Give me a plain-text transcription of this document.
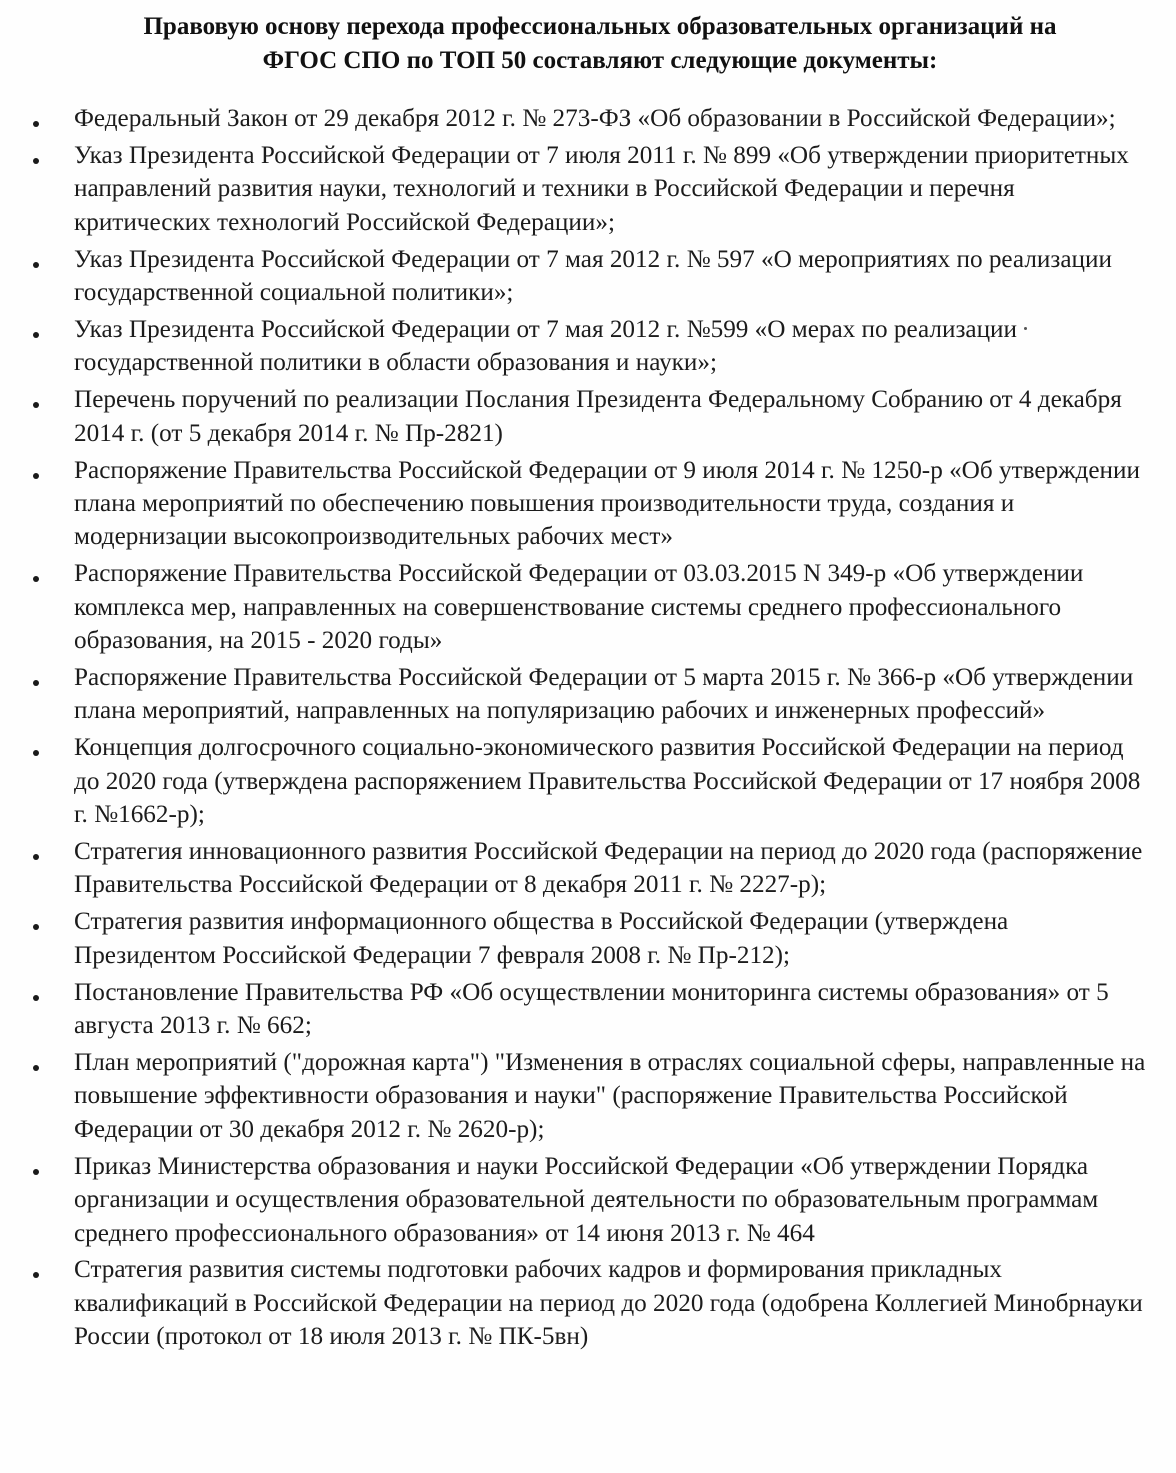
Правовую основу перехода профессиональных образовательных организаций на
ФГОС СПО по ТОП 50 составляют следующие документы:
Федеральный Закон от 29 декабря 2012 г. № 273-ФЗ «Об образовании в Российской Федерации»;
Указ Президента Российской Федерации от 7 июля 2011 г. № 899 «Об утверждении приоритетных направлений развития науки, технологий и техники в Российской Федерации и перечня критических технологий Российской Федерации»;
Указ Президента Российской Федерации от 7 мая 2012 г. № 597 «О мероприятиях по реализации государственной социальной политики»;
Указ Президента Российской Федерации от 7 мая 2012 г. №599 «О мерах по реализации государственной политики в области образования и науки»;
Перечень поручений по реализации Послания Президента Федеральному Собранию от 4 декабря 2014 г. (от 5 декабря 2014 г. № Пр-2821)
Распоряжение Правительства Российской Федерации от 9 июля 2014 г. № 1250-р «Об утверждении плана мероприятий по обеспечению повышения производительности труда, создания и модернизации высокопроизводительных рабочих мест»
Распоряжение Правительства Российской Федерации от 03.03.2015 N 349-р «Об утверждении комплекса мер, направленных на совершенствование системы среднего профессионального образования, на 2015 - 2020 годы»
Распоряжение Правительства Российской Федерации от 5 марта 2015 г. № 366-р «Об утверждении плана мероприятий, направленных на популяризацию рабочих и инженерных профессий»
Концепция долгосрочного социально-экономического развития Российской Федерации на период до 2020 года (утверждена распоряжением Правительства Российской Федерации от 17 ноября 2008 г. №1662-р);
Стратегия инновационного развития Российской Федерации на период до 2020 года (распоряжение Правительства Российской Федерации от 8 декабря 2011 г. № 2227-р);
Стратегия развития информационного общества в Российской Федерации (утверждена Президентом Российской Федерации 7 февраля 2008 г. № Пр-212);
Постановление Правительства РФ «Об осуществлении мониторинга системы образования» от 5 августа 2013 г. № 662;
План мероприятий ("дорожная карта") "Изменения в отраслях социальной сферы, направленные на повышение эффективности образования и науки" (распоряжение Правительства Российской Федерации от 30 декабря 2012 г. № 2620-р);
Приказ Министерства образования и науки Российской Федерации «Об утверждении Порядка организации и осуществления образовательной деятельности по образовательным программам среднего профессионального образования» от 14 июня 2013 г. № 464
Стратегия развития системы подготовки рабочих кадров и формирования прикладных квалификаций в Российской Федерации на период до 2020 года (одобрена Коллегией Минобрнауки России (протокол от 18 июля 2013 г. № ПК-5вн)
